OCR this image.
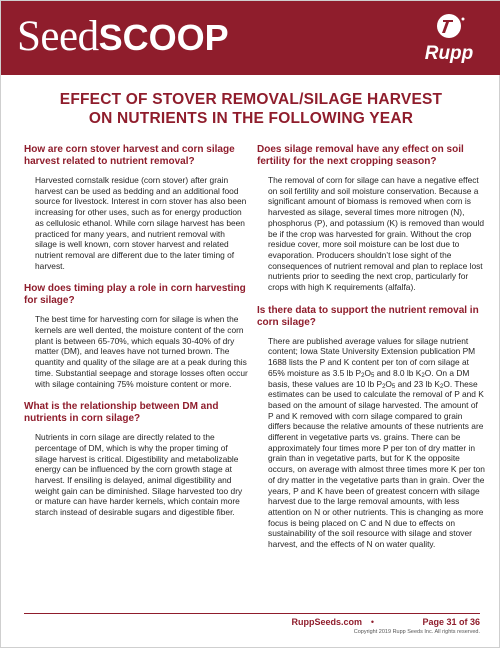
SeedSCOOP	Rupp
EFFECT OF STOVER REMOVAL/SILAGE HARVEST
ON NUTRIENTS IN THE FOLLOWING YEAR
How are corn stover harvest and corn silage harvest related to nutrient removal?
Harvested cornstalk residue (corn stover) after grain harvest can be used as bedding and an additional food source for livestock. Interest in corn stover has also been increasing for other uses, such as for energy production as cellulosic ethanol. While corn silage harvest has been practiced for many years, and nutrient removal with silage is well known, corn stover harvest and related nutrient removal are different due to the later timing of harvest.
How does timing play a role in corn harvesting for silage?
The best time for harvesting corn for silage is when the kernels are well dented, the moisture content of the corn plant is between 65-70%, which equals 30-40% of dry matter (DM), and leaves have not turned brown. The quantity and quality of the silage are at a peak during this time. Substantial seepage and storage losses often occur with silage containing 75% moisture content or more.
What is the relationship between DM and nutrients in corn silage?
Nutrients in corn silage are directly related to the percentage of DM, which is why the proper timing of silage harvest is critical. Digestibility and metabolizable energy can be influenced by the corn growth stage at harvest. If ensiling is delayed, animal digestibility and weight gain can be diminished. Silage harvested too dry or mature can have harder kernels, which contain more starch instead of desirable sugars and digestible fiber.
Does silage removal have any effect on soil fertility for the next cropping season?
The removal of corn for silage can have a negative effect on soil fertility and soil moisture conservation. Because a significant amount of biomass is removed when corn is harvested as silage, several times more nitrogen (N), phosphorus (P), and potassium (K) is removed than would be if the crop was harvested for grain. Without the crop residue cover, more soil moisture can be lost due to evaporation. Producers shouldn’t lose sight of the consequences of nutrient removal and plan to replace lost nutrients prior to seeding the next crop, particularly for crops with high K requirements (alfalfa).
Is there data to support the nutrient removal in corn silage?
There are published average values for silage nutrient content; Iowa State University Extension publication PM 1688 lists the P and K content per ton of corn silage at 65% moisture as 3.5 lb $P_2O_5$ and 8.0 lb $K_2O$. On a DM basis, these values are 10 lb $P_2O_5$ and 23 lb $K_2O$. These estimates can be used to calculate the removal of P and K based on the amount of silage harvested. The amount of P and K removed with corn silage compared to grain differs because the relative amounts of these nutrients are different in vegetative parts vs. grains. There can be approximately four times more P per ton of dry matter in grain than in vegetative parts, but for K the opposite occurs, on average with almost three times more K per ton of dry matter in the vegetative parts than in grain. Over the years, P and K have been of greatest concern with silage harvest due to the large removal amounts, with less attention on N or other nutrients. This is changing as more focus is being placed on C and N due to effects on sustainability of the soil resource with silage and stover harvest, and the effects of N on water quality.
RuppSeeds.com •	Page 31 of 36
Copyright 2019 Rupp Seeds Inc. All rights reserved.
